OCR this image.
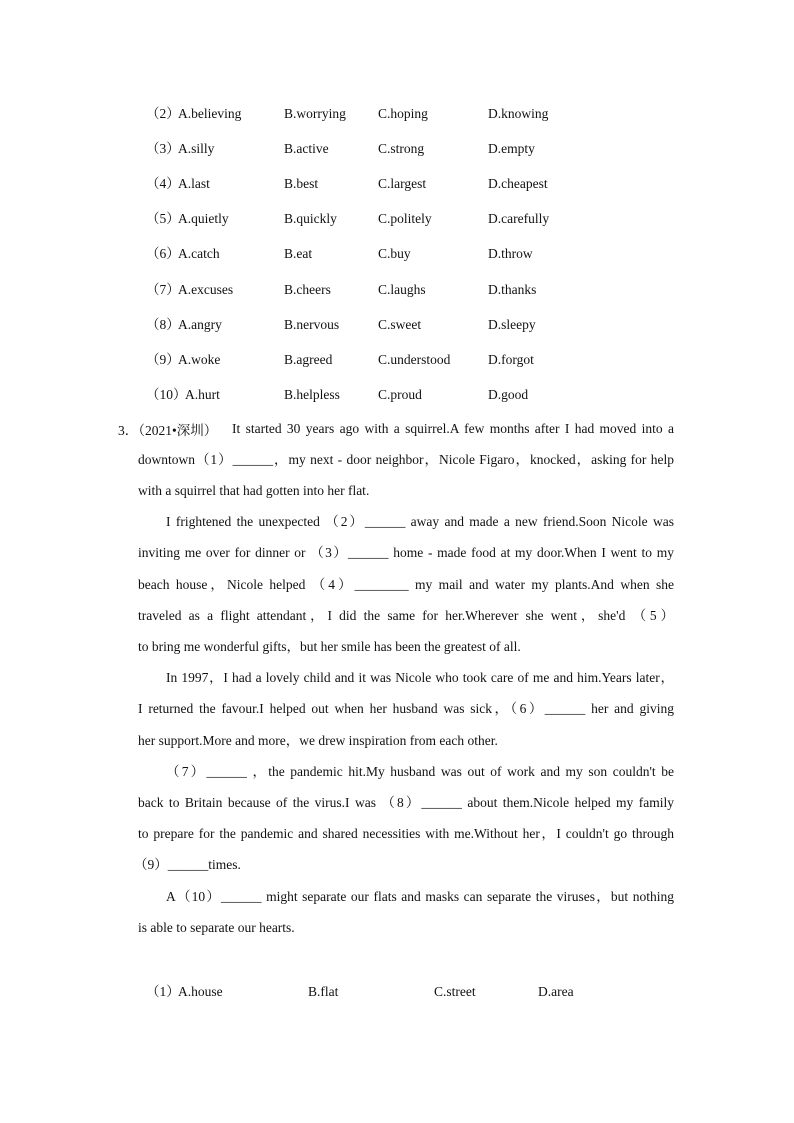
（2）
A.believing	B.worrying C.hoping	D.knowing
（3）
A.silly	B.active	C.strong	D.empty
（4）
A.last	B.best	C.largest	D.cheapest
（5）
A.quietly	B.quickly	C.politely	D.carefully
（6）
A.catch	B.eat	C.buy	D.throw
（7）
A.excuses	B.cheers	C.laughs	D.thanks
（8）
A.angry	B.nervous	C.sweet	D.sleepy
（9）
A.woke	B.agreed	C.understood	D.forgot
（10）
A.hurt	B.helpless	C.proud	D.good
3．（2021•深圳） It started 30 years ago with a squirrel.A few months after I had moved into a
downtown（1）______，my next - door neighbor，Nicole Figaro，knocked，asking for help
with a squirrel that had gotten into her flat.
I frightened the unexpected （2）______ away and made a new friend.Soon Nicole was
inviting me over for dinner or （3）______ home - made food at my door.When I went to my
beach house，Nicole helped （4）________ my mail and water my plants.And when she
traveled as a flight attendant，I did the same for her.Wherever she went，she'd （5）
to bring me wonderful gifts，but her smile has been the greatest of all.
In 1997，I had a lovely child and it was Nicole who took care of me and him.Years later，
I returned the favour.I helped out when her husband was sick，（6）______ her and giving
her support.More and more，we drew inspiration from each other.
（7）______ ，the pandemic hit.My husband was out of work and my son couldn't be
back to Britain because of the virus.I was （8）______ about them.Nicole helped my family
to prepare for the pandemic and shared necessities with me.Without her，I couldn't go through
（9）______times.
A（10）______ might separate our flats and masks can separate the viruses，but nothing
is able to separate our hearts.
（1）
A.house	B.flat	C.street	D.area
